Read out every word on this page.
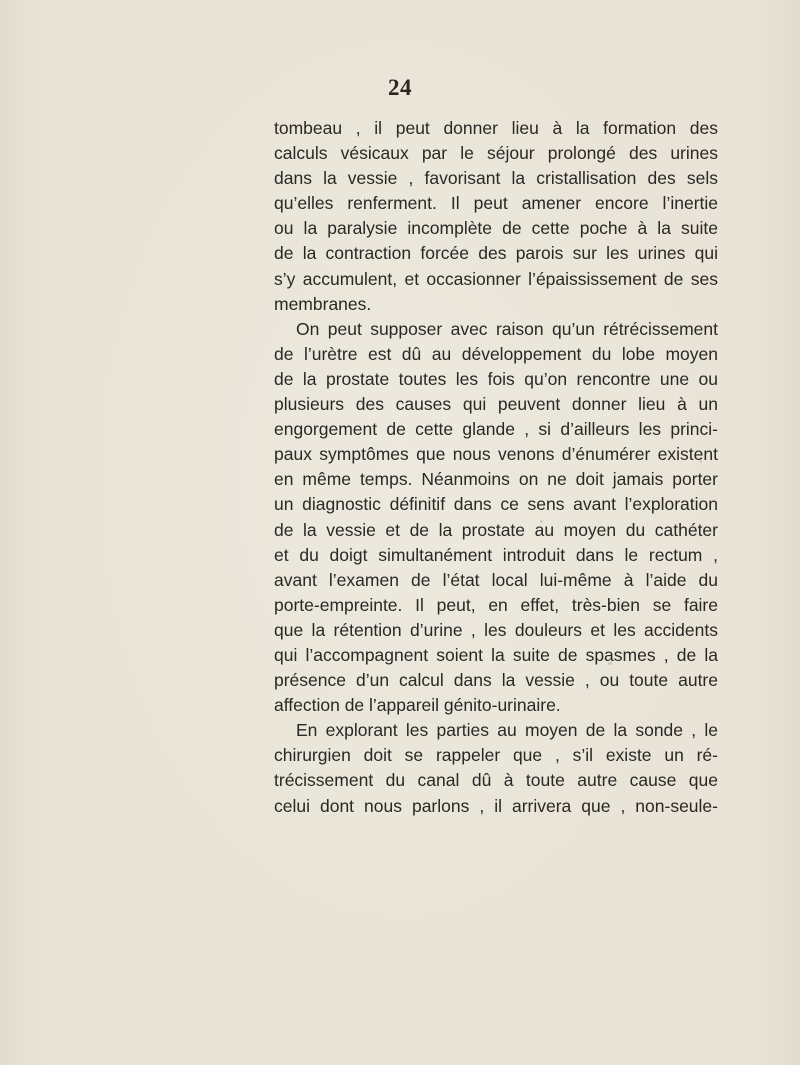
24
tombeau , il peut donner lieu à la formation des
calculs vésicaux par le séjour prolongé des urines
dans la vessie , favorisant la cristallisation des sels
qu’elles renferment. Il peut amener encore l’inertie
ou la paralysie incomplète de cette poche à la suite
de la contraction forcée des parois sur les urines qui
s’y accumulent, et occasionner l’épaississement de ses
membranes.
On peut supposer avec raison qu’un rétrécissement
de l’urètre est dû au développement du lobe moyen
de la prostate toutes les fois qu’on rencontre une ou
plusieurs des causes qui peuvent donner lieu à un
engorgement de cette glande , si d’ailleurs les princi-
paux symptômes que nous venons d’énumérer existent
en même temps. Néanmoins on ne doit jamais porter
un diagnostic définitif dans ce sens avant l’exploration
de la vessie et de la prostate au moyen du cathéter
et du doigt simultanément introduit dans le rectum ,
avant l’examen de l’état local lui-même à l’aide du
porte-empreinte. Il peut, en effet, très-bien se faire
que la rétention d’urine , les douleurs et les accidents
qui l’accompagnent soient la suite de spasmes , de la
présence d’un calcul dans la vessie , ou toute autre
affection de l’appareil génito-urinaire.
En explorant les parties au moyen de la sonde , le
chirurgien doit se rappeler que , s’il existe un ré-
trécissement du canal dû à toute autre cause que
celui dont nous parlons , il arrivera que , non-seule-
